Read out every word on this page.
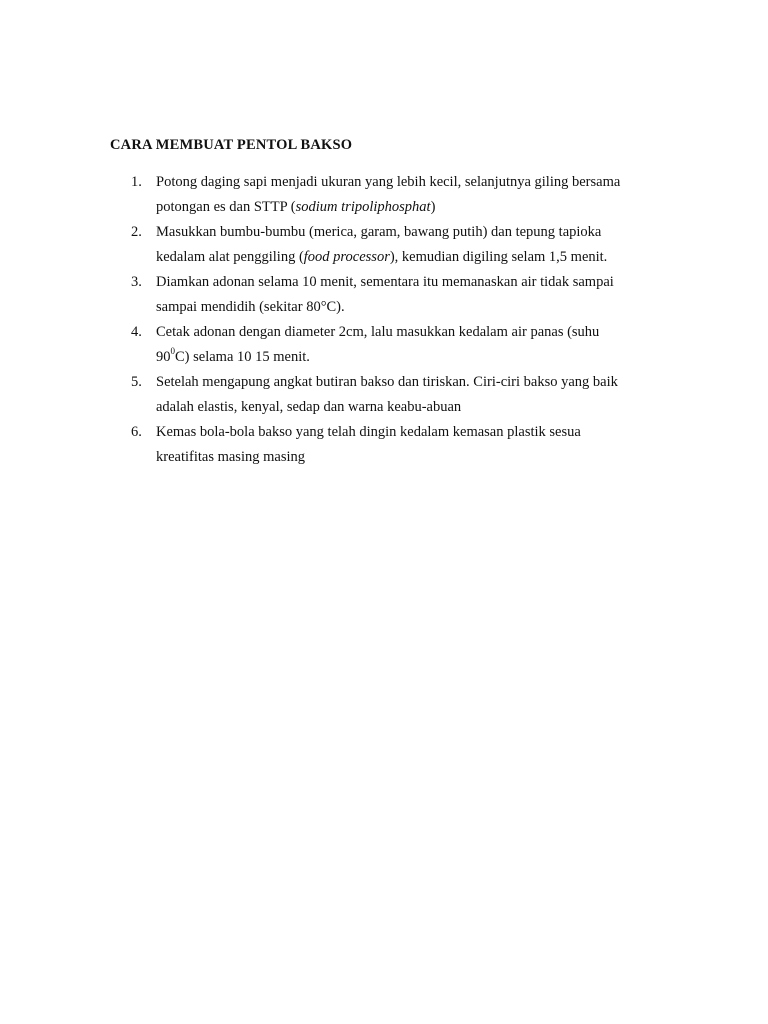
CARA MEMBUAT PENTOL BAKSO
1. Potong daging sapi menjadi ukuran yang lebih kecil, selanjutnya giling bersama
potongan es dan STTP (sodium tripoliphosphat)
2. Masukkan bumbu-bumbu (merica, garam, bawang putih) dan tepung tapioka
kedalam alat penggiling (food processor), kemudian digiling selam 1,5 menit.
3. Diamkan adonan selama 10 menit, sementara itu memanaskan air tidak sampai
sampai mendidih (sekitar 80°C).
4. Cetak adonan dengan diameter 2cm, lalu masukkan kedalam air panas (suhu
$90^0C$) selama 10 15 menit.
5. Setelah mengapung angkat butiran bakso dan tiriskan. Ciri-ciri bakso yang baik
adalah elastis, kenyal, sedap dan warna keabu-abuan
6. Kemas bola-bola bakso yang telah dingin kedalam kemasan plastik sesua
kreatifitas masing masing
